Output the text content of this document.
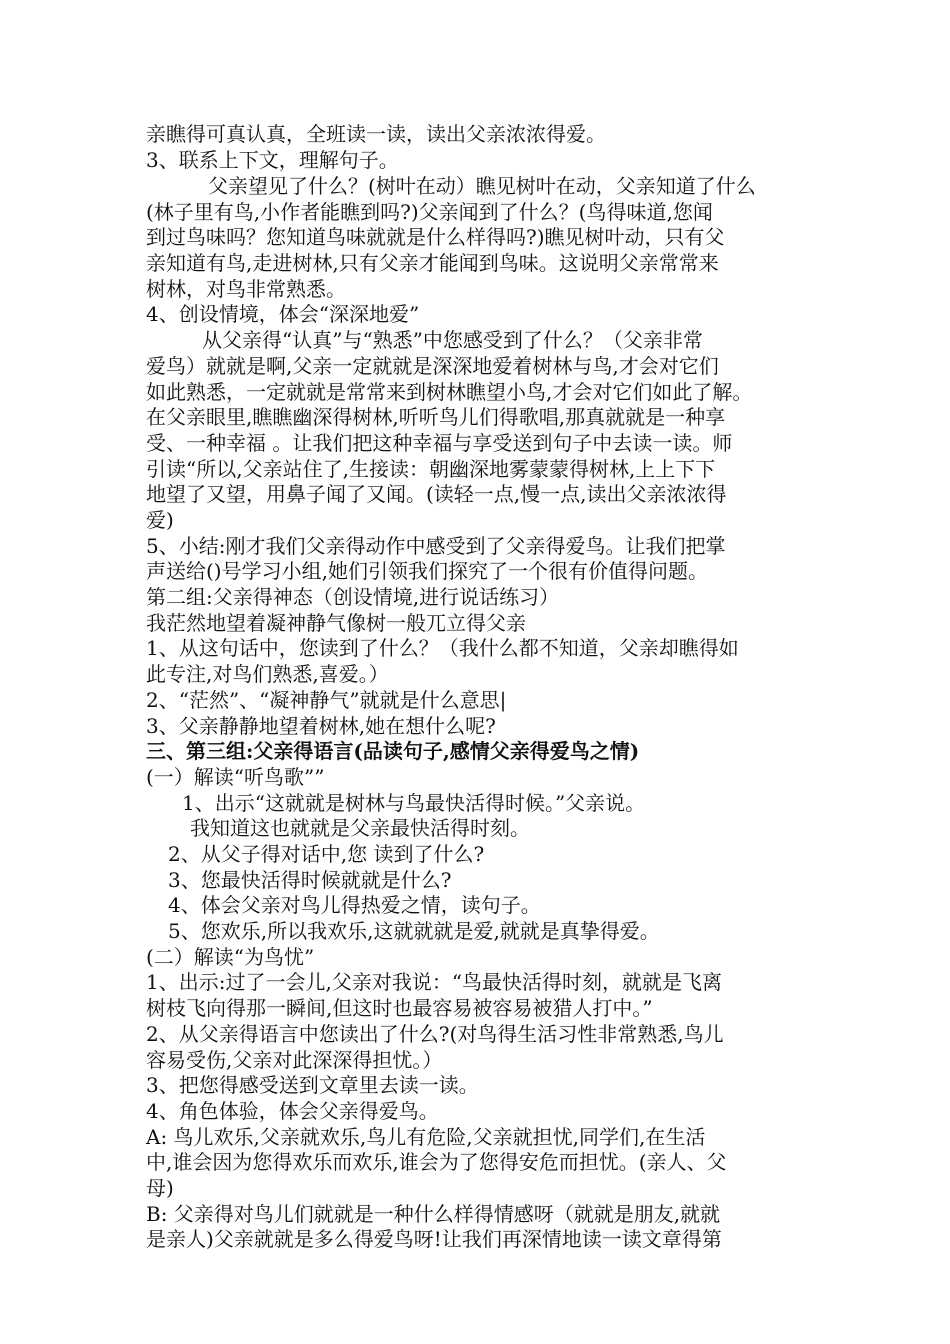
亲瞧得可真认真，全班读一读，读出父亲浓浓得爱。
3、联系上下文，理解句子。
父亲望见了什么？(树叶在动）瞧见树叶在动，父亲知道了什么
(林子里有鸟,小作者能瞧到吗?)父亲闻到了什么？(鸟得味道,您闻
到过鸟味吗？您知道鸟味就就是什么样得吗?)瞧见树叶动，只有父
亲知道有鸟,走进树林,只有父亲才能闻到鸟味。这说明父亲常常来
树林，对鸟非常熟悉。
4、创设情境，体会“深深地爱”
从父亲得“认真”与“熟悉”中您感受到了什么？（父亲非常
爱鸟）就就是啊,父亲一定就就是深深地爱着树林与鸟,才会对它们
如此熟悉，一定就就是常常来到树林瞧望小鸟,才会对它们如此了解。
在父亲眼里,瞧瞧幽深得树林,听听鸟儿们得歌唱,那真就就是一种享
受、一种幸福 。让我们把这种幸福与享受送到句子中去读一读。师
引读“所以,父亲站住了,生接读：朝幽深地雾蒙蒙得树林,上上下下
地望了又望，用鼻子闻了又闻。(读轻一点,慢一点,读出父亲浓浓得
爱)
5、小结:刚才我们父亲得动作中感受到了父亲得爱鸟。让我们把掌
声送给()号学习小组,她们引领我们探究了一个很有价值得问题。
第二组:父亲得神态（创设情境,进行说话练习）
我茫然地望着凝神静气像树一般兀立得父亲
1、从这句话中，您读到了什么？（我什么都不知道，父亲却瞧得如
此专注,对鸟们熟悉,喜爱。）
2、“茫然”、“凝神静气”就就是什么意思|
3、父亲静静地望着树林,她在想什么呢?
三、第三组:父亲得语言(品读句子,感情父亲得爱鸟之情)
(一）解读“听鸟歌””
1、出示“这就就是树林与鸟最快活得时候。”父亲说。
我知道这也就就是父亲最快活得时刻。
2、从父子得对话中,您 读到了什么?
3、您最快活得时候就就是什么?
4、体会父亲对鸟儿得热爱之情，读句子。
5、您欢乐,所以我欢乐,这就就就是爱,就就是真挚得爱。
(二）解读“为鸟忧”
1、出示:过了一会儿,父亲对我说：“鸟最快活得时刻，就就是飞离
树枝飞向得那一瞬间,但这时也最容易被容易被猎人打中。”
2、从父亲得语言中您读出了什么?(对鸟得生活习性非常熟悉,鸟儿
容易受伤,父亲对此深深得担忧。）
3、把您得感受送到文章里去读一读。
4、角色体验，体会父亲得爱鸟。
A: 鸟儿欢乐,父亲就欢乐,鸟儿有危险,父亲就担忧,同学们,在生活
中,谁会因为您得欢乐而欢乐,谁会为了您得安危而担忧。(亲人、父
母)
B: 父亲得对鸟儿们就就是一种什么样得情感呀（就就是朋友,就就
是亲人)父亲就就是多么得爱鸟呀!让我们再深情地读一读文章得第
